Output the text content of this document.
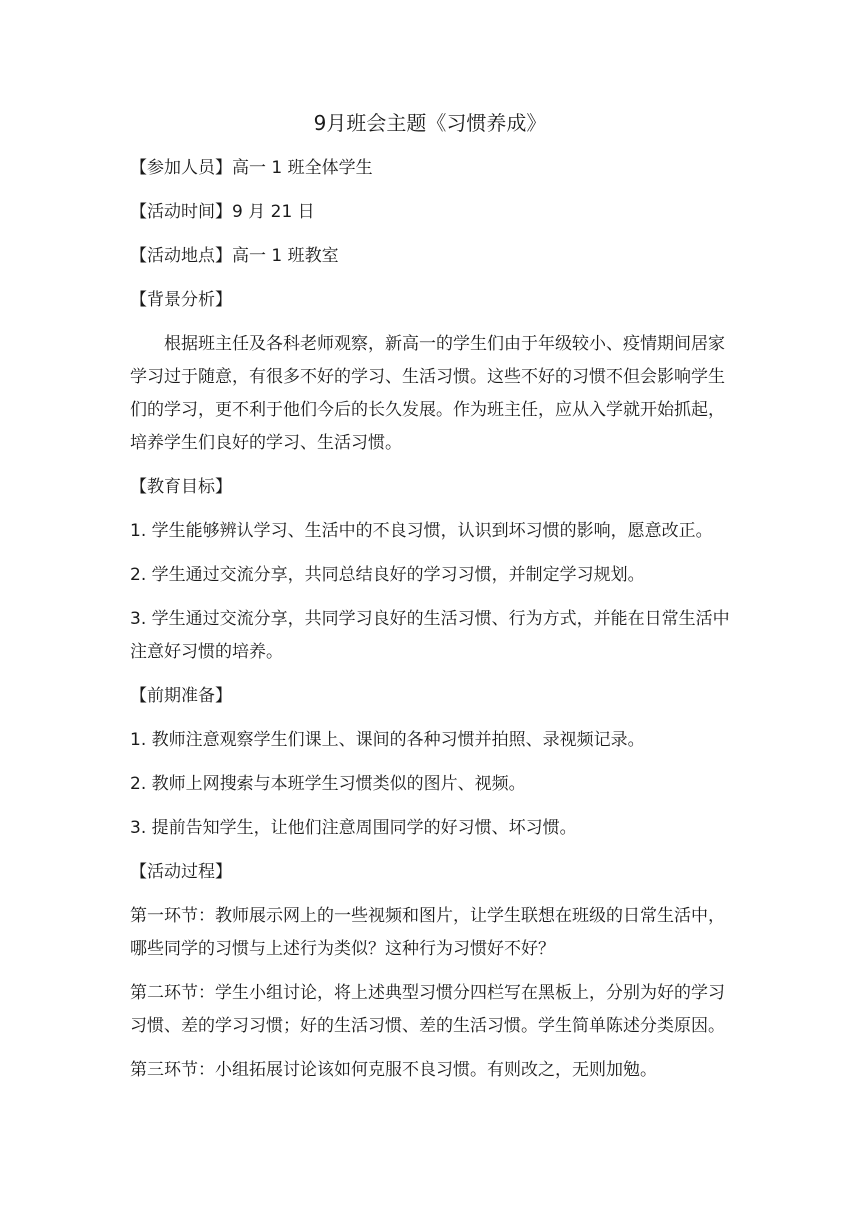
9月班会主题《习惯养成》

【参加人员】高一 1 班全体学生

【活动时间】9 月 21 日

【活动地点】高一 1 班教室

【背景分析】

根据班主任及各科老师观察，新高一的学生们由于年级较小、疫情期间居家学习过于随意，有很多不好的学习、生活习惯。这些不好的习惯不但会影响学生们的学习，更不利于他们今后的长久发展。作为班主任，应从入学就开始抓起，培养学生们良好的学习、生活习惯。

【教育目标】

1. 学生能够辨认学习、生活中的不良习惯，认识到坏习惯的影响，愿意改正。

2. 学生通过交流分享，共同总结良好的学习习惯，并制定学习规划。

3. 学生通过交流分享，共同学习良好的生活习惯、行为方式，并能在日常生活中注意好习惯的培养。

【前期准备】

1. 教师注意观察学生们课上、课间的各种习惯并拍照、录视频记录。

2. 教师上网搜索与本班学生习惯类似的图片、视频。

3. 提前告知学生，让他们注意周围同学的好习惯、坏习惯。

【活动过程】

第一环节：教师展示网上的一些视频和图片，让学生联想在班级的日常生活中，哪些同学的习惯与上述行为类似？这种行为习惯好不好？

第二环节：学生小组讨论，将上述典型习惯分四栏写在黑板上，分别为好的学习习惯、差的学习习惯；好的生活习惯、差的生活习惯。学生简单陈述分类原因。

第三环节：小组拓展讨论该如何克服不良习惯。有则改之，无则加勉。
